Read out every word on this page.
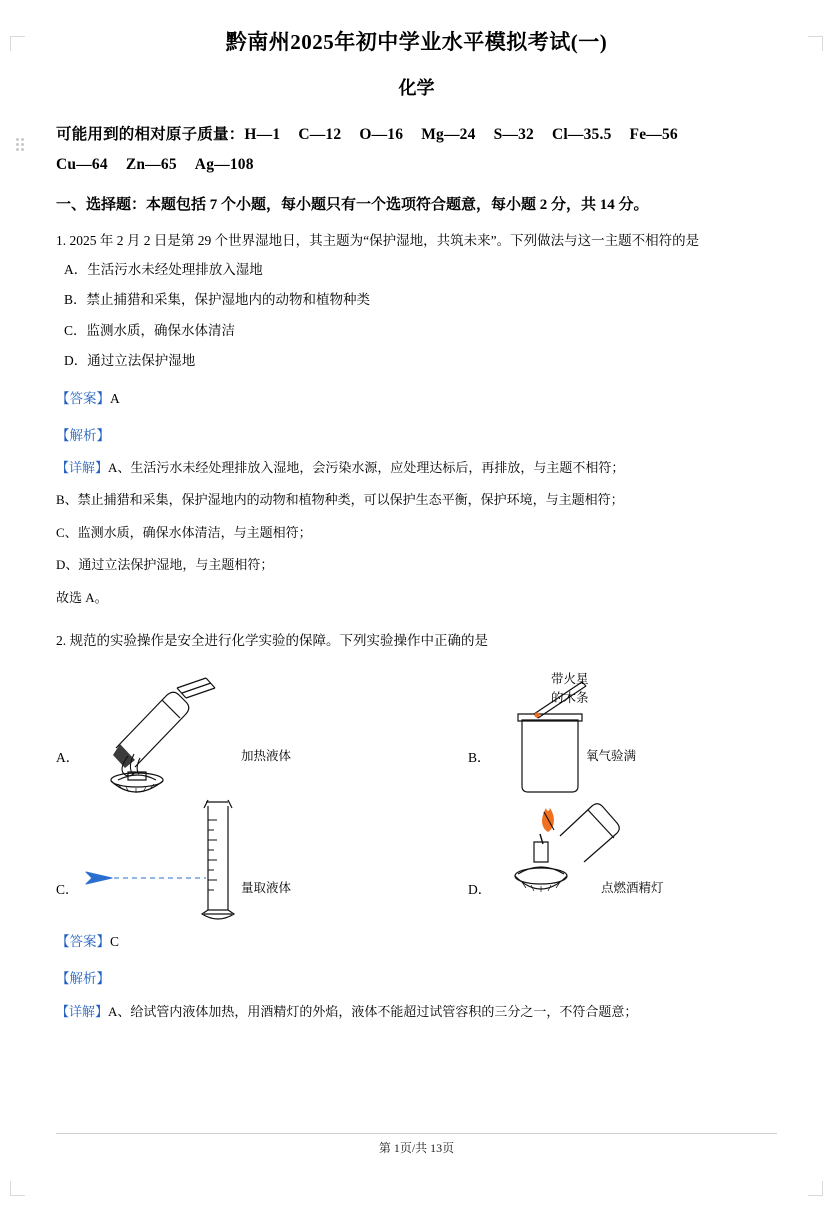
黔南州2025年初中学业水平模拟考试(一)
化学
可能用到的相对原子质量：H—1 C—12 O—16 Mg—24 S—32 Cl—35.5 Fe—56
Cu—64 Zn—65 Ag—108
一、选择题：本题包括 7 个小题，每小题只有一个选项符合题意，每小题 2 分，共 14 分。
1. 2025 年 2 月 2 日是第 29 个世界湿地日，其主题为“保护湿地，共筑未来”。下列做法与这一主题不相符的是
A．生活污水未经处理排放入湿地
B．禁止捕猎和采集，保护湿地内的动物和植物种类
C．监测水质，确保水体清洁
D．通过立法保护湿地
【答案】A
【解析】
【详解】A、生活污水未经处理排放入湿地，会污染水源，应处理达标后，再排放，与主题不相符；
B、禁止捕猎和采集，保护湿地内的动物和植物种类，可以保护生态平衡，保护环境，与主题相符；
C、监测水质，确保水体清洁，与主题相符；
D、通过立法保护湿地，与主题相符；
故选 A。
2. 规范的实验操作是安全进行化学实验的保障。下列实验操作中正确的是
A．	加热液体	B．
带火星
的木条
氧气验满
C．	量取液体	D．	点燃酒精灯
【答案】C
【解析】
【详解】A、给试管内液体加热，用酒精灯的外焰，液体不能超过试管容积的三分之一，不符合题意；
第 1页/共 13页
